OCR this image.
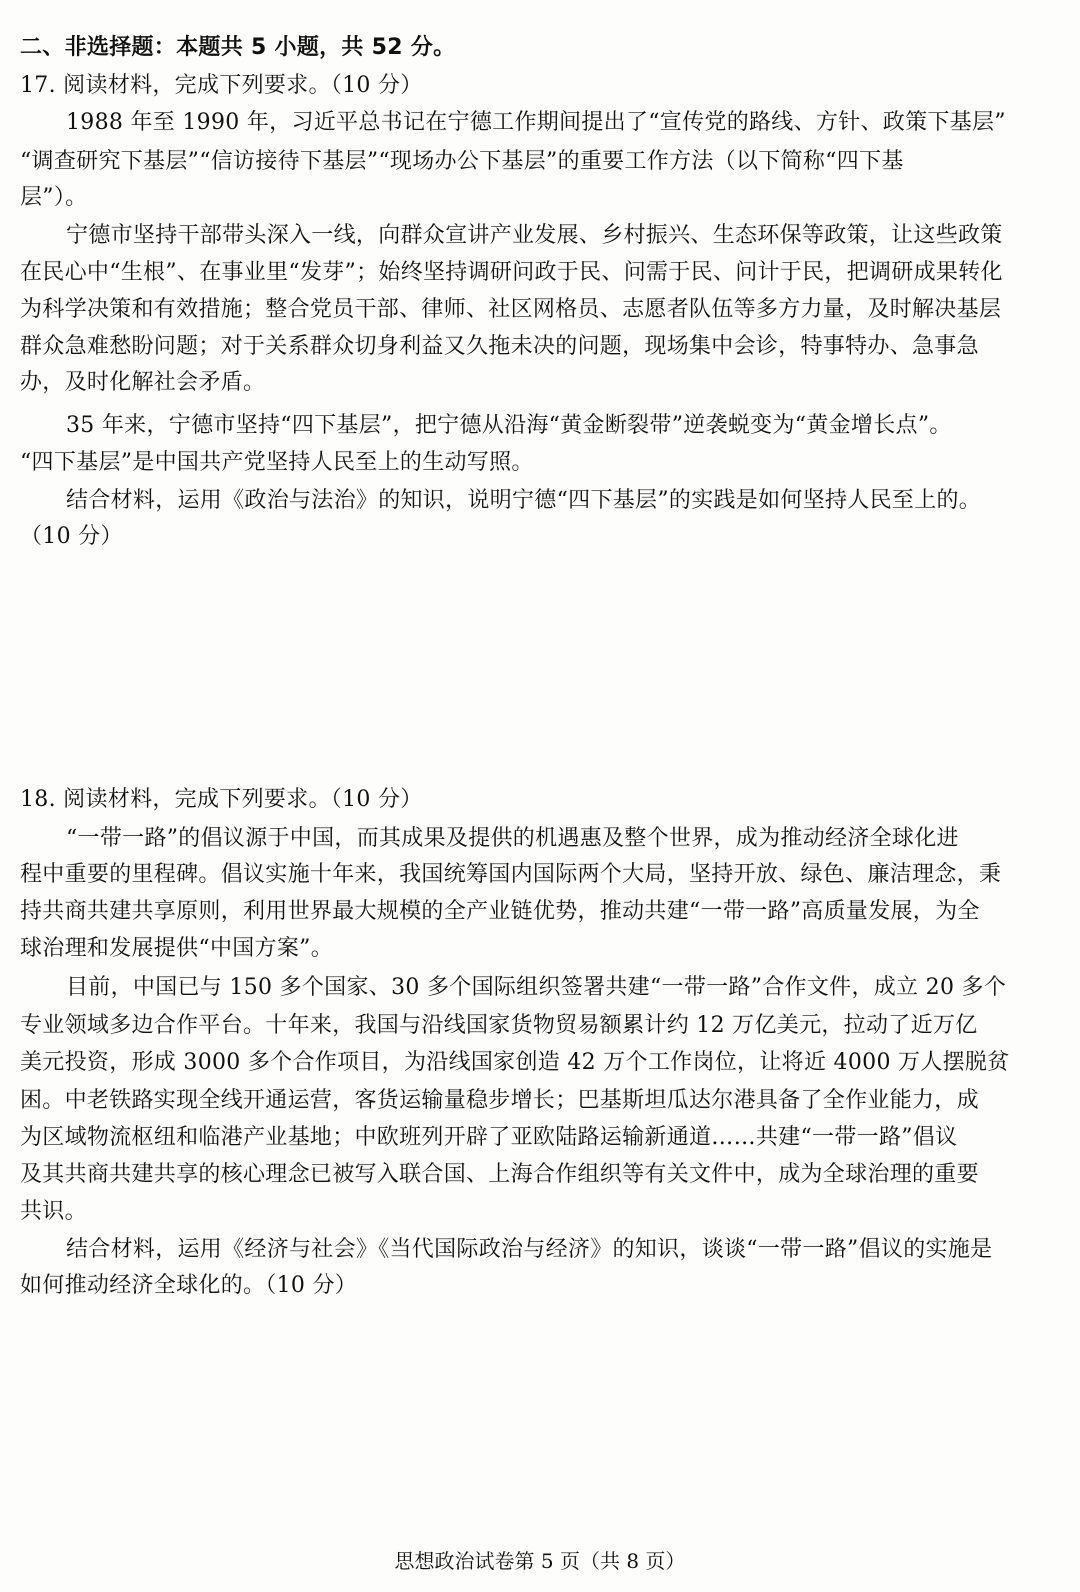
二、非选择题：本题共 5 小题，共 52 分。
17. 阅读材料，完成下列要求。（10 分）
1988 年至 1990 年，习近平总书记在宁德工作期间提出了“宣传党的路线、方针、政策下基层”
“调查研究下基层”“信访接待下基层”“现场办公下基层”的重要工作方法（以下简称“四下基
层”）。
宁德市坚持干部带头深入一线，向群众宣讲产业发展、乡村振兴、生态环保等政策，让这些政策
在民心中“生根”、在事业里“发芽”；始终坚持调研问政于民、问需于民、问计于民，把调研成果转化
为科学决策和有效措施；整合党员干部、律师、社区网格员、志愿者队伍等多方力量，及时解决基层
群众急难愁盼问题；对于关系群众切身利益又久拖未决的问题，现场集中会诊，特事特办、急事急
办，及时化解社会矛盾。
35 年来，宁德市坚持“四下基层”，把宁德从沿海“黄金断裂带”逆袭蜕变为“黄金增长点”。
“四下基层”是中国共产党坚持人民至上的生动写照。
结合材料，运用《政治与法治》的知识，说明宁德“四下基层”的实践是如何坚持人民至上的。
（10 分）
18. 阅读材料，完成下列要求。（10 分）
“一带一路”的倡议源于中国，而其成果及提供的机遇惠及整个世界，成为推动经济全球化进
程中重要的里程碑。倡议实施十年来，我国统筹国内国际两个大局，坚持开放、绿色、廉洁理念，秉
持共商共建共享原则，利用世界最大规模的全产业链优势，推动共建“一带一路”高质量发展，为全
球治理和发展提供“中国方案”。
目前，中国已与 150 多个国家、30 多个国际组织签署共建“一带一路”合作文件，成立 20 多个
专业领域多边合作平台。十年来，我国与沿线国家货物贸易额累计约 12 万亿美元，拉动了近万亿
美元投资，形成 3000 多个合作项目，为沿线国家创造 42 万个工作岗位，让将近 4000 万人摆脱贫
困。中老铁路实现全线开通运营，客货运输量稳步增长；巴基斯坦瓜达尔港具备了全作业能力，成
为区域物流枢纽和临港产业基地；中欧班列开辟了亚欧陆路运输新通道……共建“一带一路”倡议
及其共商共建共享的核心理念已被写入联合国、上海合作组织等有关文件中，成为全球治理的重要
共识。
结合材料，运用《经济与社会》《当代国际政治与经济》的知识，谈谈“一带一路”倡议的实施是
如何推动经济全球化的。（10 分）
思想政治试卷第 5 页（共 8 页）
